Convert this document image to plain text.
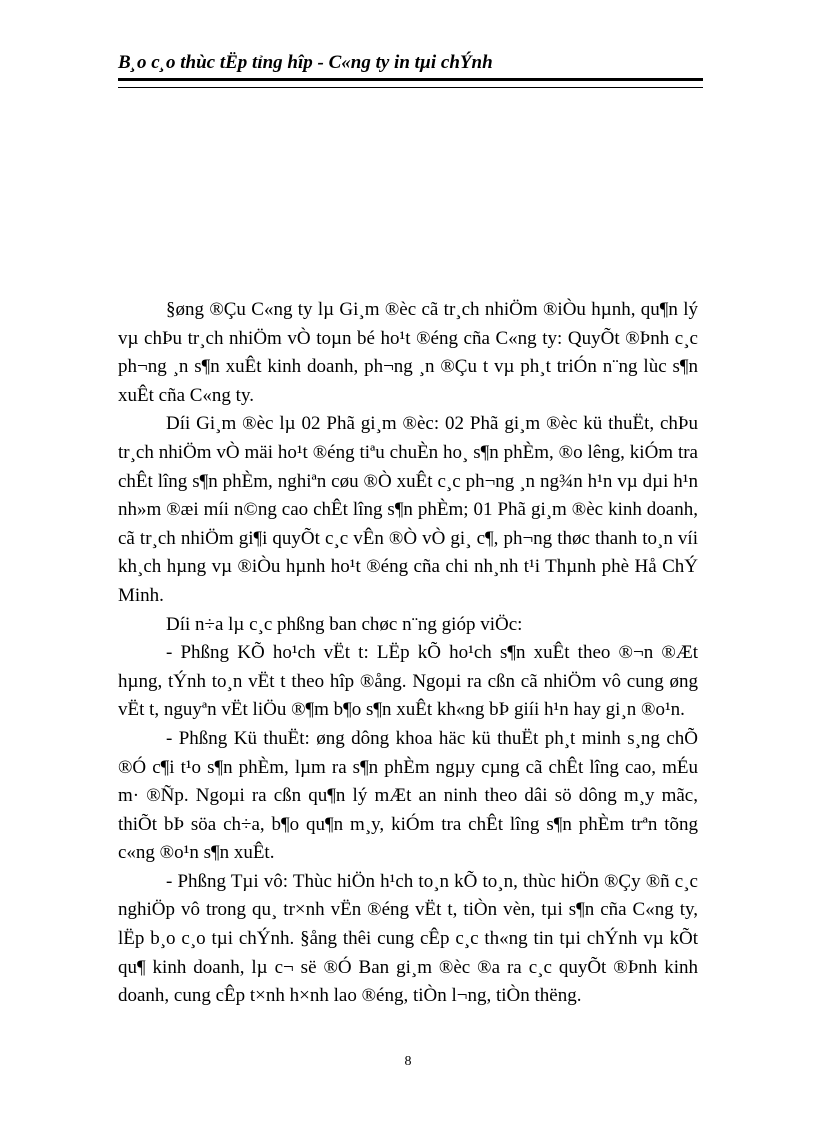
B¸o c¸o thùc tËp tỉng hîp - C«ng ty in tµi chÝnh

§øng ®Çu C«ng ty lµ Gi¸m ®èc cã tr¸ch nhiÖm ®iÒu hµnh, qu¶n lý vµ chÞu tr¸ch nhiÖm vÒ toµn bé ho¹t ®éng cña C«ng ty: QuyÕt ®Þnh c¸c ph¬ng ¸n s¶n xuÊt kinh doanh, ph¬ng ¸n ®Çu t vµ ph¸t triÓn n¨ng lùc s¶n xuÊt cña C«ng ty.

Díi Gi¸m ®èc lµ 02 Phã gi¸m ®èc: 02 Phã gi¸m ®èc kü thuËt, chÞu tr¸ch nhiÖm vÒ mäi ho¹t ®éng tiªu chuÈn ho¸ s¶n phÈm, ®o lêng, kiÓm tra chÊt lîng s¶n phÈm, nghiªn cøu ®Ò xuÊt c¸c ph¬ng ¸n ng¾n h¹n vµ dµi h¹n nh»m ®æi míi n©ng cao chÊt lîng s¶n phÈm; 01 Phã gi¸m ®èc kinh doanh, cã tr¸ch nhiÖm gi¶i quyÕt c¸c vÊn ®Ò vÒ gi¸ c¶, ph¬ng thøc thanh to¸n víi kh¸ch hµng vµ ®iÒu hµnh ho¹t ®éng cña chi nh¸nh t¹i Thµnh phè Hå ChÝ Minh.

Díi n÷a lµ c¸c phßng ban chøc n¨ng gióp viÖc:

- Phßng KÕ ho¹ch vËt t: LËp kÕ ho¹ch s¶n xuÊt theo ®¬n ®Æt hµng, tÝnh to¸n vËt t theo hîp ®ång. Ngoµi ra cßn cã nhiÖm vô cung øng vËt t, nguyªn vËt liÖu ®¶m b¶o s¶n xuÊt kh«ng bÞ giíi h¹n hay gi¸n ®o¹n.

- Phßng Kü thuËt: øng dông khoa häc kü thuËt ph¸t minh s¸ng chÕ ®Ó c¶i t¹o s¶n phÈm, lµm ra s¶n phÈm ngµy cµng cã chÊt lîng cao, mÉu m· ®Ñp. Ngoµi ra cßn qu¶n lý mÆt an ninh theo dâi sö dông m¸y mãc, thiÕt bÞ söa ch÷a, b¶o qu¶n m¸y, kiÓm tra chÊt lîng s¶n phÈm trªn tõng c«ng ®o¹n s¶n xuÊt.

- Phßng Tµi vô: Thùc hiÖn h¹ch to¸n kÕ to¸n, thùc hiÖn ®Çy ®ñ c¸c nghiÖp vô trong qu¸ tr×nh vËn ®éng vËt t, tiÒn vèn, tµi s¶n cña C«ng ty, lËp b¸o c¸o tµi chÝnh. §ång thêi cung cÊp c¸c th«ng tin tµi chÝnh vµ kÕt qu¶ kinh doanh, lµ c¬ së ®Ó Ban gi¸m ®èc ®a ra c¸c quyÕt ®Þnh kinh doanh, cung cÊp t×nh h×nh lao ®éng, tiÒn l¬ng, tiÒn thëng.

8
